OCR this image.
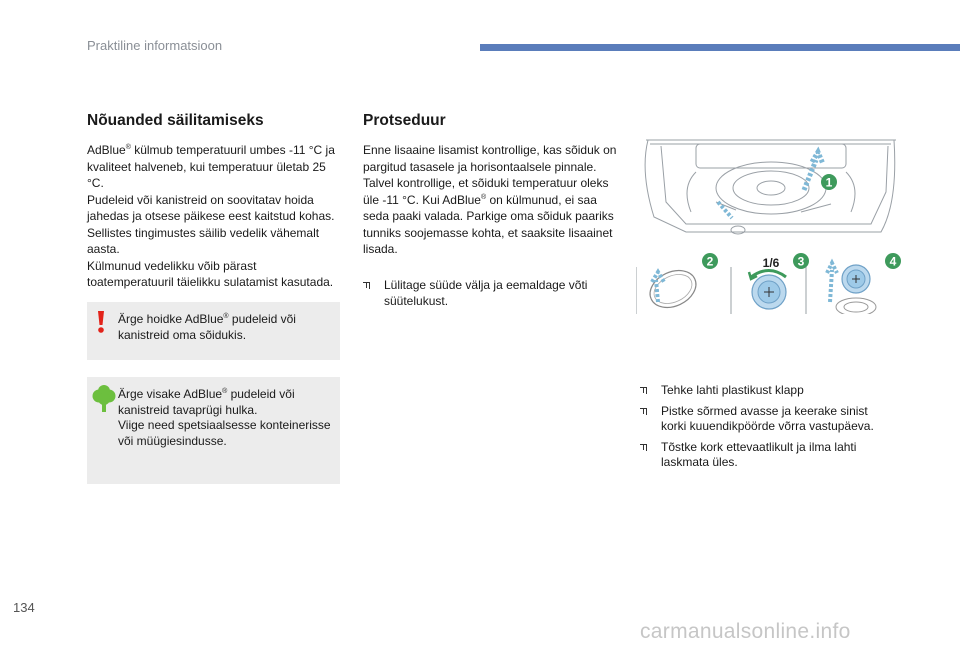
Praktiline informatsioon
Nõuanded säilitamiseks
AdBlue® külmub temperatuuril umbes -11 °C ja
kvaliteet halveneb, kui temperatuur ületab 25 °C.
Pudeleid või kanistreid on soovitatav hoida
jahedas ja otsese päikese eest kaitstud kohas.
Sellistes tingimustes säilib vedelik vähemalt
aasta.
Külmunud vedelikku võib pärast
toatemperatuuril täielikku sulatamist kasutada.
Ärge hoidke AdBlue® pudeleid või
kanistreid oma sõidukis.
Ärge visake AdBlue® pudeleid või
kanistreid tavaprügi hulka.
Viige need spetsiaalsesse konteinerisse
või müügiesindusse.
Protseduur
Enne lisaaine lisamist kontrollige, kas sõiduk on
pargitud tasasele ja horisontaalsele pinnale.
Talvel kontrollige, et sõiduki temperatuur oleks
üle -11 °C. Kui AdBlue® on külmunud, ei saa
seda paaki valada. Parkige oma sõiduk paariks
tunniks soojemasse kohta, et saaksite lisaainet
lisada.
Lülitage süüde välja ja eemaldage võti
süütelukust.
1
2	1/6 3	4
Tehke lahti plastikust klapp
Pistke sõrmed avasse ja keerake sinist
korki kuuendikpöörde võrra vastupäeva.
Tõstke kork ettevaatlikult ja ilma lahti
laskmata üles.
134
carmanualsonline.info
